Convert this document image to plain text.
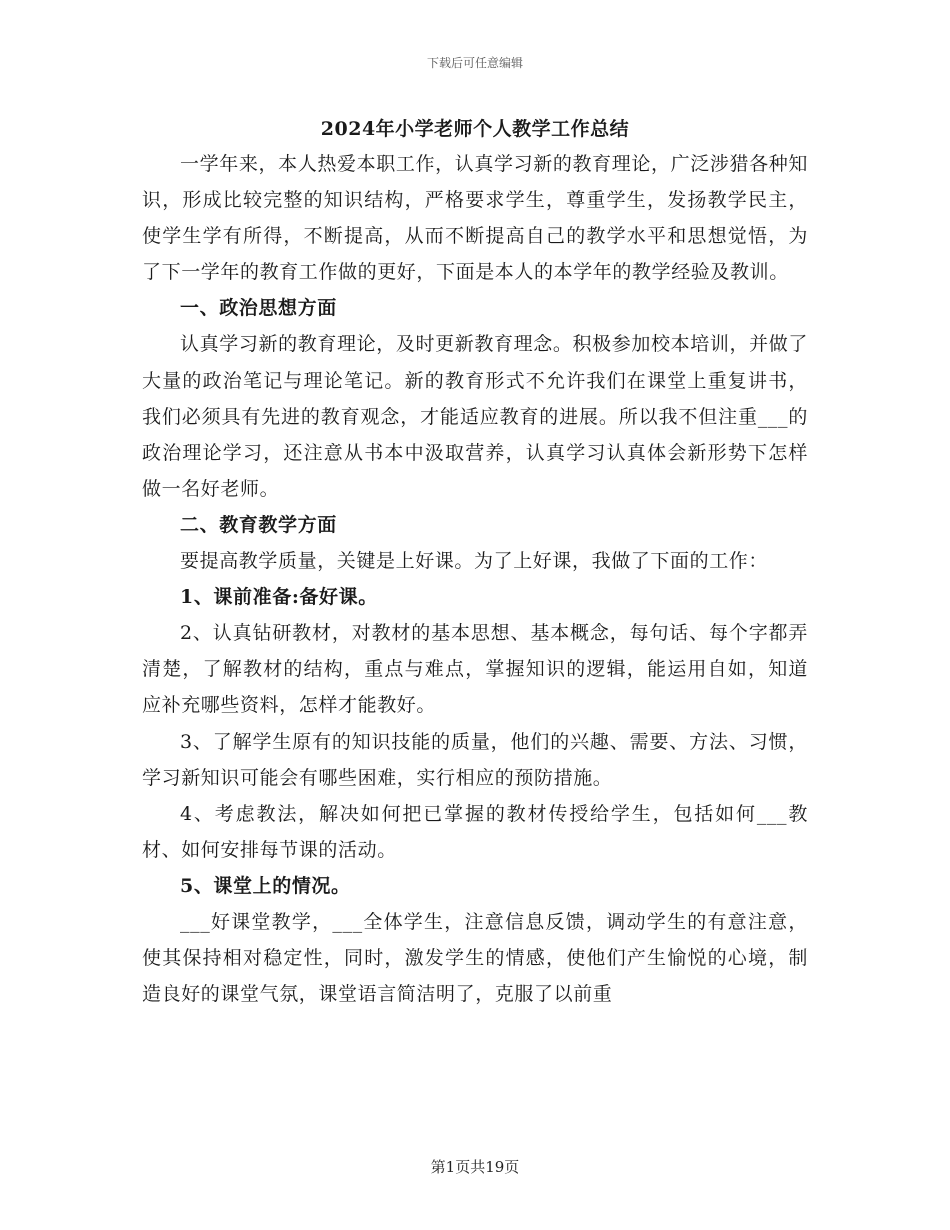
下载后可任意编辑
2024年小学老师个人教学工作总结

一学年来，本人热爱本职工作，认真学习新的教育理论，广泛涉猎各种知识，形成比较完整的知识结构，严格要求学生，尊重学生，发扬教学民主，使学生学有所得，不断提高，从而不断提高自己的教学水平和思想觉悟，为了下一学年的教育工作做的更好，下面是本人的本学年的教学经验及教训。

一、政治思想方面

认真学习新的教育理论，及时更新教育理念。积极参加校本培训，并做了大量的政治笔记与理论笔记。新的教育形式不允许我们在课堂上重复讲书，我们必须具有先进的教育观念，才能适应教育的进展。所以我不但注重___的政治理论学习，还注意从书本中汲取营养，认真学习认真体会新形势下怎样做一名好老师。

二、教育教学方面

要提高教学质量，关键是上好课。为了上好课，我做了下面的工作：

1、课前准备:备好课。

2、认真钻研教材，对教材的基本思想、基本概念，每句话、每个字都弄清楚，了解教材的结构，重点与难点，掌握知识的逻辑，能运用自如，知道应补充哪些资料，怎样才能教好。

3、了解学生原有的知识技能的质量，他们的兴趣、需要、方法、习惯，学习新知识可能会有哪些困难，实行相应的预防措施。

4、考虑教法，解决如何把已掌握的教材传授给学生，包括如何___教材、如何安排每节课的活动。

5、课堂上的情况。

___好课堂教学，___全体学生，注意信息反馈，调动学生的有意注意，使其保持相对稳定性，同时，激发学生的情感，使他们产生愉悦的心境，制造良好的课堂气氛，课堂语言简洁明了，克服了以前重

第1页共19页
